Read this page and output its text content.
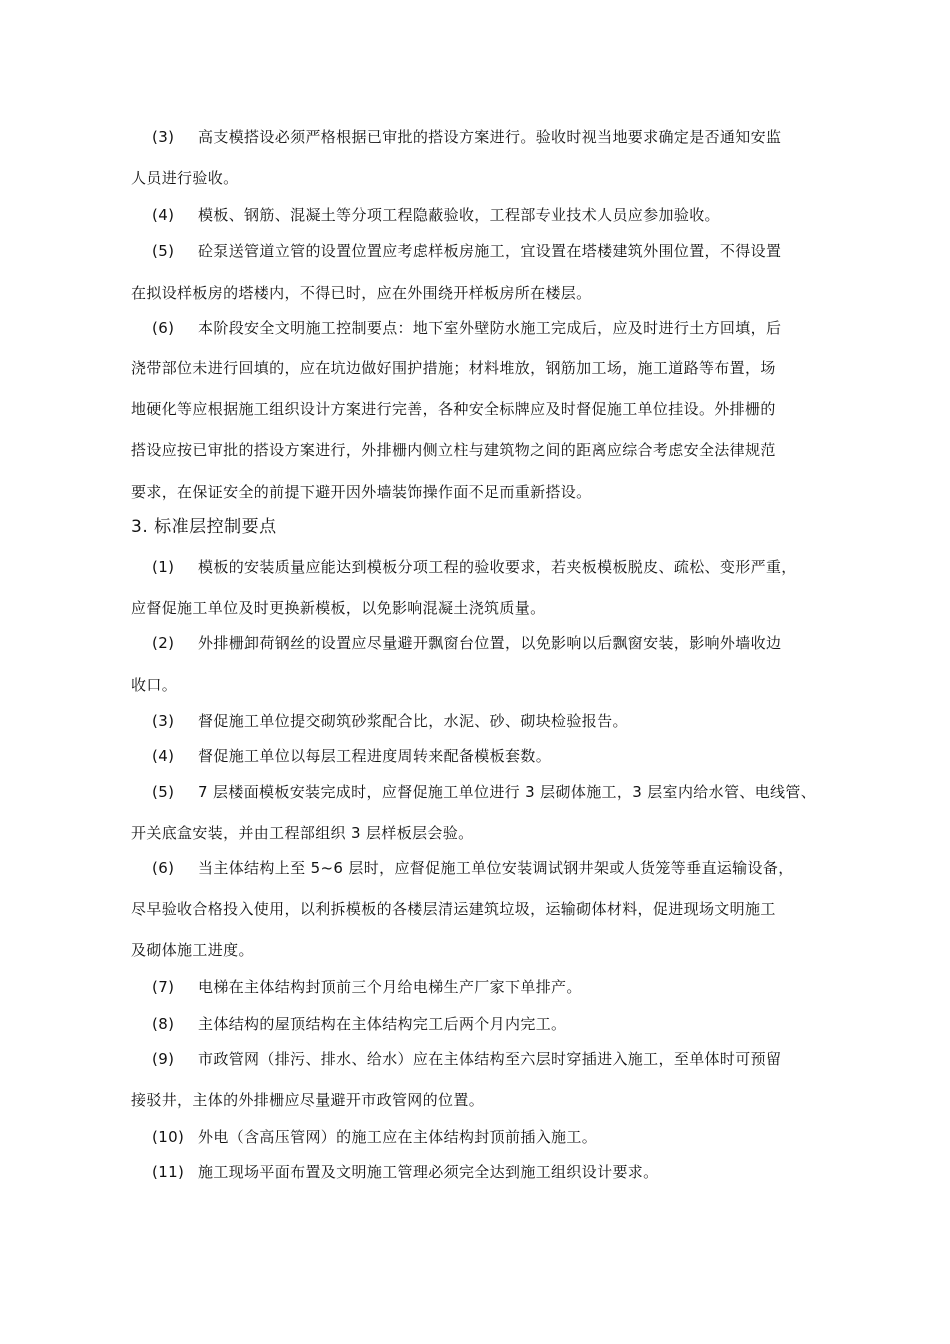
(3) 高支模搭设必须严格根据已审批的搭设方案进行。验收时视当地要求确定是否通知安监
人员进行验收。
(4) 模板、钢筋、混凝土等分项工程隐蔽验收，工程部专业技术人员应参加验收。
(5) 砼泵送管道立管的设置位置应考虑样板房施工，宜设置在塔楼建筑外围位置，不得设置
在拟设样板房的塔楼内，不得已时，应在外围绕开样板房所在楼层。
(6) 本阶段安全文明施工控制要点：地下室外壁防水施工完成后，应及时进行土方回填，后
浇带部位未进行回填的，应在坑边做好围护措施；材料堆放，钢筋加工场，施工道路等布置，场
地硬化等应根据施工组织设计方案进行完善，各种安全标牌应及时督促施工单位挂设。外排栅的
搭设应按已审批的搭设方案进行，外排栅内侧立柱与建筑物之间的距离应综合考虑安全法律规范
要求，在保证安全的前提下避开因外墙装饰操作面不足而重新搭设。
3. 标准层控制要点
(1) 模板的安装质量应能达到模板分项工程的验收要求，若夹板模板脱皮、疏松、变形严重，
应督促施工单位及时更换新模板，以免影响混凝土浇筑质量。
(2) 外排栅卸荷钢丝的设置应尽量避开飘窗台位置，以免影响以后飘窗安装，影响外墙收边
收口。
(3) 督促施工单位提交砌筑砂浆配合比，水泥、砂、砌块检验报告。
(4) 督促施工单位以每层工程进度周转来配备模板套数。
(5) 7 层楼面模板安装完成时，应督促施工单位进行 3 层砌体施工，3 层室内给水管、电线管、
开关底盒安装，并由工程部组织 3 层样板层会验。
(6) 当主体结构上至 5~6 层时，应督促施工单位安装调试钢井架或人货笼等垂直运输设备，
尽早验收合格投入使用，以利拆模板的各楼层清运建筑垃圾，运输砌体材料，促进现场文明施工
及砌体施工进度。
(7) 电梯在主体结构封顶前三个月给电梯生产厂家下单排产。
(8) 主体结构的屋顶结构在主体结构完工后两个月内完工。
(9) 市政管网（排污、排水、给水）应在主体结构至六层时穿插进入施工，至单体时可预留
接驳井，主体的外排栅应尽量避开市政管网的位置。
(10) 外电（含高压管网）的施工应在主体结构封顶前插入施工。
(11) 施工现场平面布置及文明施工管理必须完全达到施工组织设计要求。
